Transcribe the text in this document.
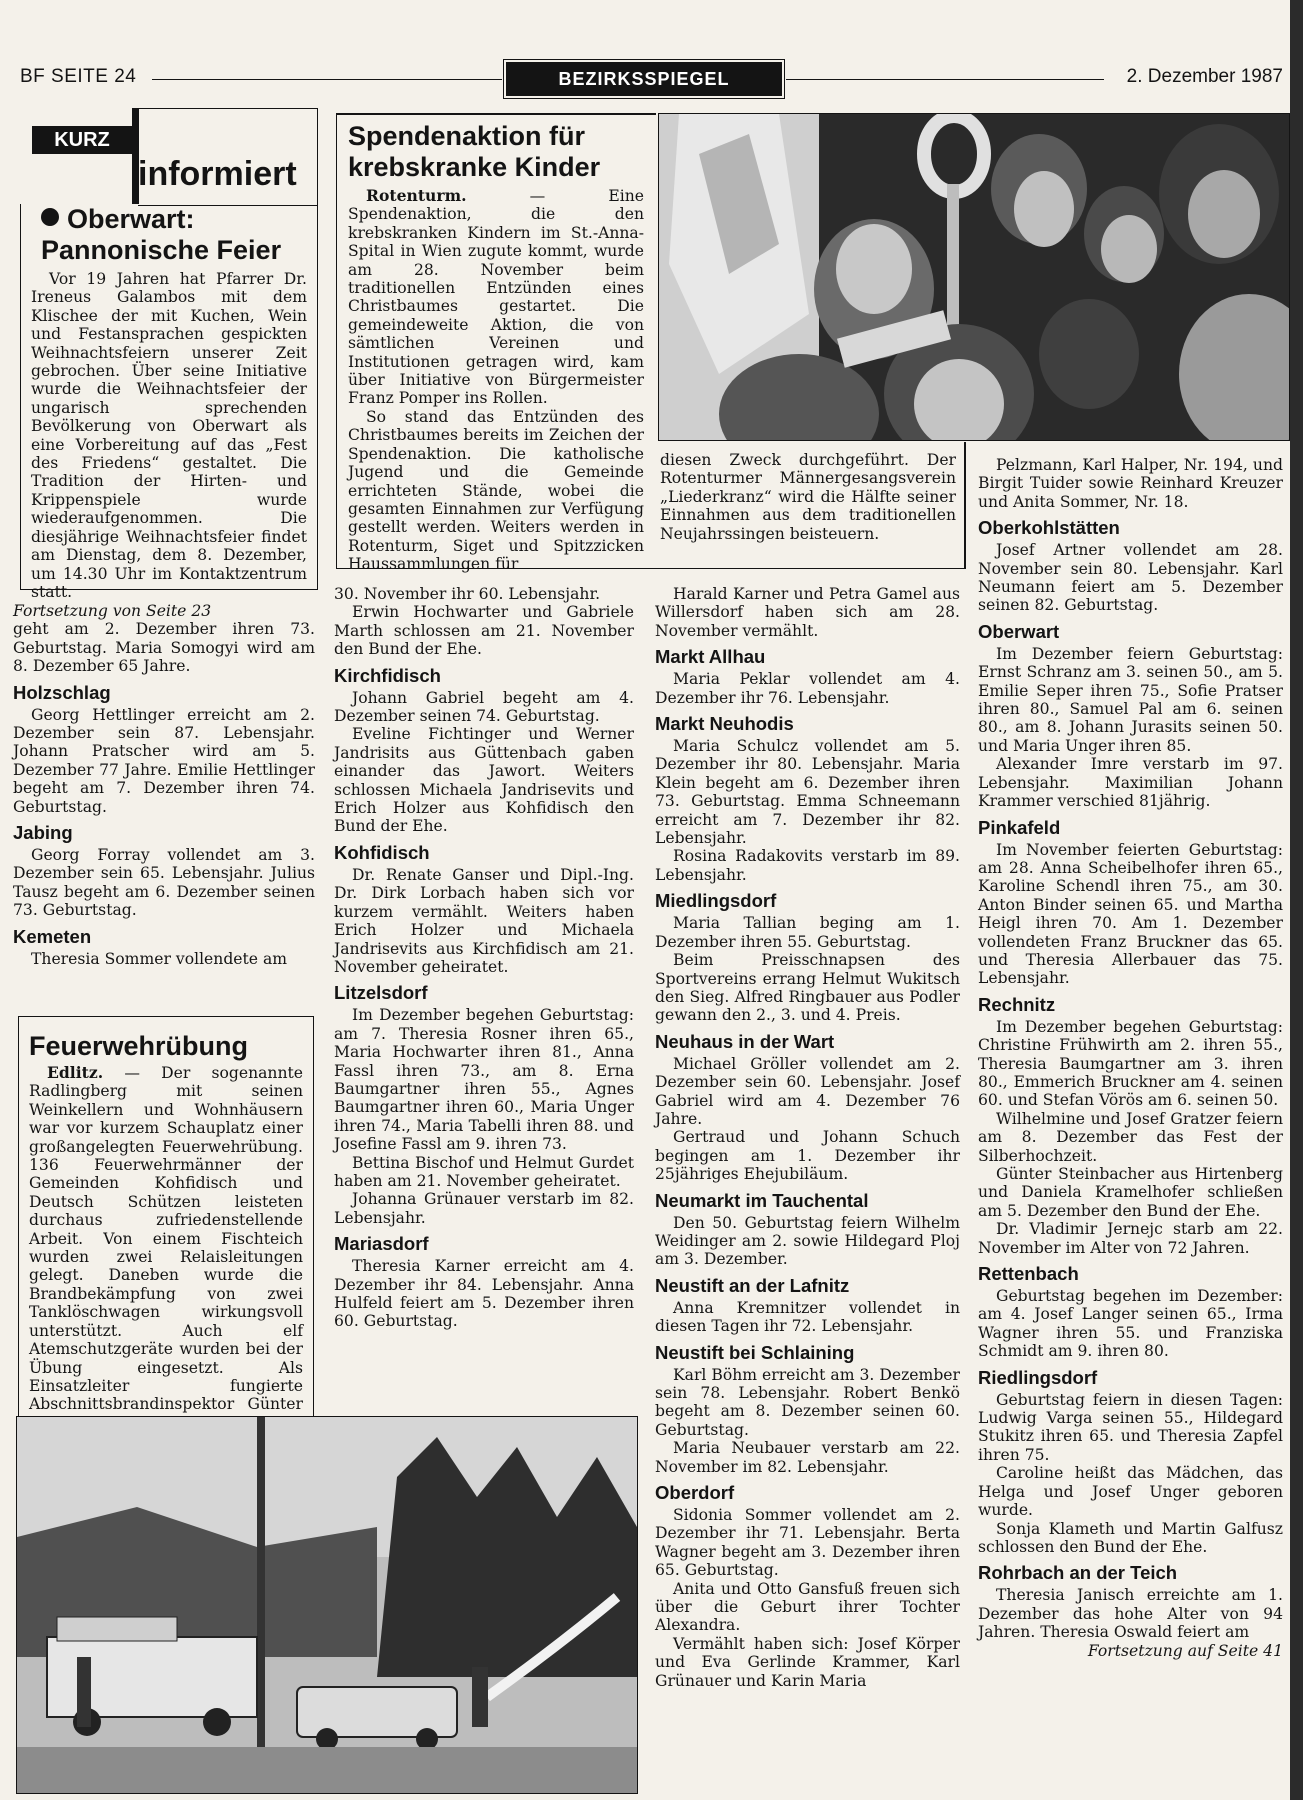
BF SEITE 24	BEZIRKSSPIEGEL	2. Dezember 1987
KURZ
informiert
Oberwart: Pannonische Feier

Vor 19 Jahren hat Pfarrer Dr. Ireneus Galambos mit dem Klischee der mit Kuchen, Wein und Festansprachen gespickten Weihnachtsfeiern unserer Zeit gebrochen. Über seine Initiative wurde die Weihnachtsfeier der ungarisch sprechenden Bevölkerung von Oberwart als eine Vorbereitung auf das „Fest des Friedens“ gestaltet. Die Tradition der Hirten- und Krippenspiele wurde wiederaufgenommen. Die diesjährige Weihnachtsfeier findet am Dienstag, dem 8. Dezember, um 14.30 Uhr im Kontaktzentrum statt.

Spendenaktion für krebskranke Kinder

Rotenturm.	— Eine Spendenaktion, die den krebskranken Kindern im St.-Anna-Spital in Wien zugute kommt, wurde am 28. November beim traditionellen Entzünden eines Christbaumes gestartet. Die gemeindeweite Aktion, die von sämtlichen Vereinen und Institutionen getragen wird, kam über Initiative von Bürgermeister Franz Pomper ins Rollen.

So stand das Entzünden des Christbaumes bereits im Zeichen der Spendenaktion. Die katholische Jugend und die Gemeinde errichteten Stände, wobei die gesamten Einnahmen zur Verfügung gestellt werden. Weiters werden in Rotenturm, Siget und Spitzzicken Haussammlungen für

diesen Zweck durchgeführt. Der Rotenturmer Männergesangsverein „Liederkranz“ wird die Hälfte seiner Einnahmen aus dem traditionellen Neujahrssingen beisteuern.

Fortsetzung von Seite 23

geht am 2. Dezember ihren 73. Geburtstag. Maria Somogyi wird am 8. Dezember 65 Jahre.

Holzschlag

Georg Hettlinger erreicht am 2. Dezember sein 87. Lebensjahr. Johann Pratscher wird am 5. Dezember 77 Jahre. Emilie Hettlinger begeht am 7. Dezember ihren 74. Geburtstag.

Jabing

Georg Forray vollendet am 3. Dezember sein 65. Lebensjahr. Julius Tausz begeht am 6. Dezember seinen 73. Geburtstag.

Kemeten

Theresia Sommer vollendete am

Feuerwehrübung

Edlitz. — Der sogenannte Radlingberg mit seinen Weinkellern und Wohnhäusern war vor kurzem Schauplatz einer großangelegten Feuerwehrübung. 136 Feuerwehrmänner der Gemeinden Kohfidisch und Deutsch Schützen leisteten durchaus zufriedenstellende Arbeit. Von einem Fischteich wurden zwei Relaisleitungen gelegt. Daneben wurde die Brandbekämpfung von zwei Tanklöschwagen wirkungsvoll unterstützt. Auch elf Atemschutzgeräte wurden bei der Übung eingesetzt. Als Einsatzleiter fungierte Abschnittsbrandinspektor Günter

30. November ihr 60. Lebensjahr.

Erwin Hochwarter und Gabriele Marth schlossen am 21. November den Bund der Ehe.

Kirchfidisch

Johann Gabriel begeht am 4. Dezember seinen 74. Geburtstag.

Eveline Fichtinger und Werner Jandrisits aus Güttenbach gaben einander das Jawort. Weiters schlossen Michaela Jandrisevits und Erich Holzer aus Kohfidisch den Bund der Ehe.

Kohfidisch

Dr. Renate Ganser und Dipl.-Ing. Dr. Dirk Lorbach haben sich vor kurzem vermählt. Weiters haben Erich Holzer und Michaela Jandrisevits aus Kirchfidisch am 21. November geheiratet.

Litzelsdorf

Im Dezember begehen Geburtstag: am 7. Theresia Rosner ihren 65., Maria Hochwarter ihren 81., Anna Fassl ihren 73., am 8. Erna Baumgartner ihren 55., Agnes Baumgartner ihren 60., Maria Unger ihren 74., Maria Tabelli ihren 88. und Josefine Fassl am 9. ihren 73.

Bettina Bischof und Helmut Gurdet haben am 21. November geheiratet.

Johanna Grünauer verstarb im 82. Lebensjahr.

Mariasdorf

Theresia Karner erreicht am 4. Dezember ihr 84. Lebensjahr. Anna Hulfeld feiert am 5. Dezember ihren 60. Geburtstag.

Harald Karner und Petra Gamel aus Willersdorf haben sich am 28. November vermählt.

Markt Allhau

Maria Peklar vollendet am 4. Dezember ihr 76. Lebensjahr.

Markt Neuhodis

Maria Schulcz vollendet am 5. Dezember ihr 80. Lebensjahr. Maria Klein begeht am 6. Dezember ihren 73. Geburtstag. Emma Schneemann erreicht am 7. Dezember ihr 82. Lebensjahr.

Rosina Radakovits verstarb im 89. Lebensjahr.

Miedlingsdorf

Maria Tallian beging am 1. Dezember ihren 55. Geburtstag.

Beim Preisschnapsen des Sportvereins errang Helmut Wukitsch den Sieg. Alfred Ringbauer aus Podler gewann den 2., 3. und 4. Preis.

Neuhaus in der Wart

Michael Gröller vollendet am 2. Dezember sein 60. Lebensjahr. Josef Gabriel wird am 4. Dezember 76 Jahre.

Gertraud und Johann Schuch begingen am 1. Dezember ihr 25jähriges Ehejubiläum.

Neumarkt im Tauchental

Den 50. Geburtstag feiern Wilhelm Weidinger am 2. sowie Hildegard Ploj am 3. Dezember.

Neustift an der Lafnitz

Anna Kremnitzer vollendet in diesen Tagen ihr 72. Lebensjahr.

Neustift bei Schlaining

Karl Böhm erreicht am 3. Dezember sein 78. Lebensjahr. Robert Benkö begeht am 8. Dezember seinen 60. Geburtstag.

Maria Neubauer verstarb am 22. November im 82. Lebensjahr.

Oberdorf

Sidonia Sommer vollendet am 2. Dezember ihr 71. Lebensjahr. Berta Wagner begeht am 3. Dezember ihren 65. Geburtstag.

Anita und Otto Gansfuß freuen sich über die Geburt ihrer Tochter Alexandra.

Vermählt haben sich: Josef Körper und Eva Gerlinde Krammer, Karl Grünauer und Karin Maria

Pelzmann, Karl Halper, Nr. 194, und Birgit Tuider sowie Reinhard Kreuzer und Anita Sommer, Nr. 18.

Oberkohlstätten

Josef Artner vollendet am 28. November sein 80. Lebensjahr. Karl Neumann feiert am 5. Dezember seinen 82. Geburtstag.

Oberwart

Im Dezember feiern Geburtstag: Ernst Schranz am 3. seinen 50., am 5. Emilie Seper ihren 75., Sofie Pratser ihren 80., Samuel Pal am 6. seinen 80., am 8. Johann Jurasits seinen 50. und Maria Unger ihren 85.

Alexander Imre verstarb im 97. Lebensjahr. Maximilian Johann Krammer verschied 81jährig.

Pinkafeld

Im November feierten Geburtstag: am 28. Anna Scheibelhofer ihren 65., Karoline Schendl ihren 75., am 30. Anton Binder seinen 65. und Martha Heigl ihren 70. Am 1. Dezember vollendeten Franz Bruckner das 65. und Theresia Allerbauer das 75. Lebensjahr.

Rechnitz

Im Dezember begehen Geburtstag: Christine Frühwirth am 2. ihren 55., Theresia Baumgartner am 3. ihren 80., Emmerich Bruckner am 4. seinen 60. und Stefan Vörös am 6. seinen 50.

Wilhelmine und Josef Gratzer feiern am 8. Dezember das Fest der Silberhochzeit.

Günter Steinbacher aus Hirtenberg und Daniela Kramelhofer schließen am 5. Dezember den Bund der Ehe.

Dr. Vladimir Jernejc starb am 22. November im Alter von 72 Jahren.

Rettenbach

Geburtstag begehen im Dezember: am 4. Josef Langer seinen 65., Irma Wagner ihren 55. und Franziska Schmidt am 9. ihren 80.

Riedlingsdorf

Geburtstag feiern in diesen Tagen: Ludwig Varga seinen 55., Hildegard Stukitz ihren 65. und Theresia Zapfel ihren 75.

Caroline heißt das Mädchen, das Helga und Josef Unger geboren wurde.

Sonja Klameth und Martin Galfusz schlossen den Bund der Ehe.

Rohrbach an der Teich

Theresia Janisch erreichte am 1. Dezember das hohe Alter von 94 Jahren. Theresia Oswald feiert am

Fortsetzung auf Seite 41
